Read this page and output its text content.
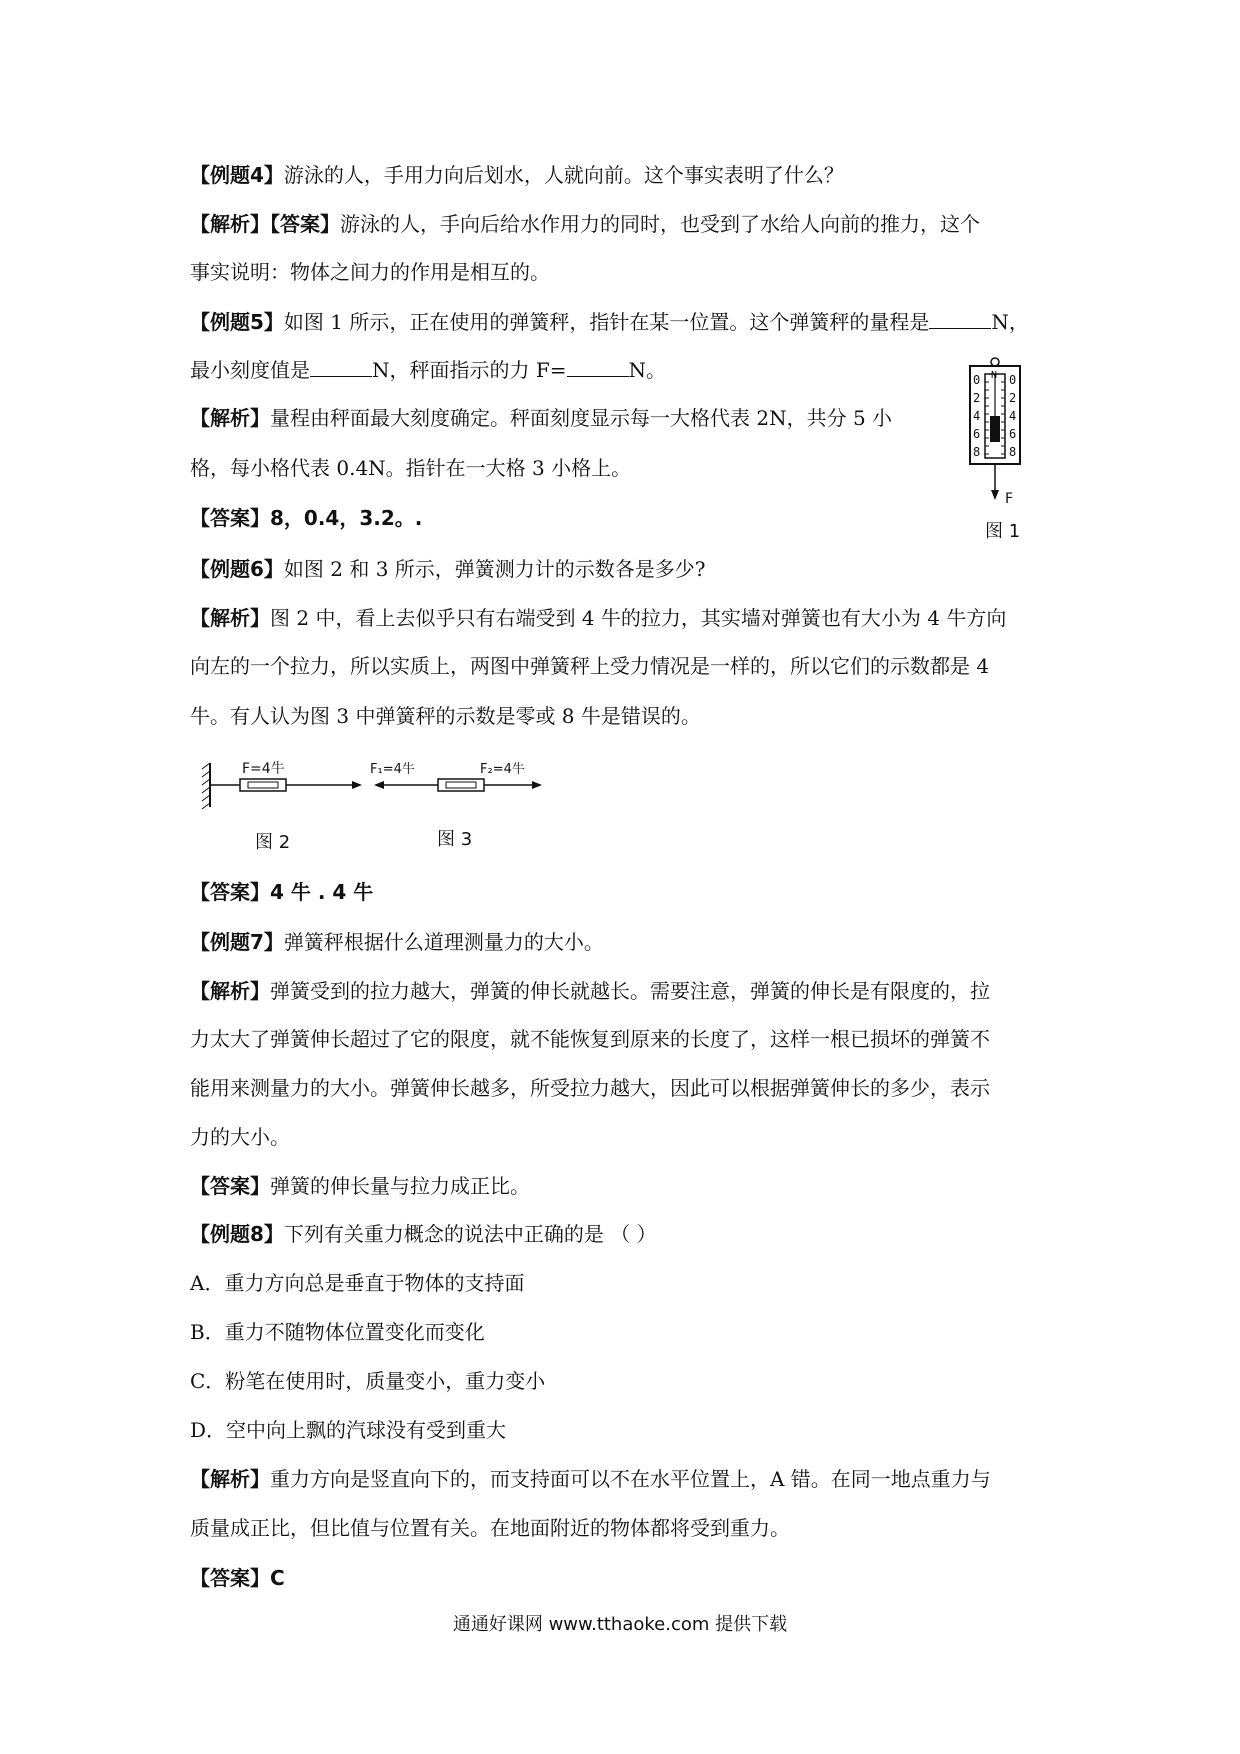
【例题4】游泳的人，手用力向后划水，人就向前。这个事实表明了什么？
【解析】【答案】游泳的人，手向后给水作用力的同时，也受到了水给人向前的推力，这个
事实说明：物体之间力的作用是相互的。
【例题5】如图 1 所示，正在使用的弹簧秤，指针在某一位置。这个弹簧秤的量程是	N，
最小刻度值是	N，秤面指示的力 F=	N。
【解析】量程由秤面最大刻度确定。秤面刻度显示每一大格代表 2N，共分 5 小
格，每小格代表 0.4N。指针在一大格 3 小格上。
【答案】8，0.4，3.2。.
0
2
4
6
8
0
2
4
6
8
N
F
图 1
【例题6】如图 2 和 3 所示，弹簧测力计的示数各是多少?
【解析】图 2 中，看上去似乎只有右端受到 4 牛的拉力，其实墙对弹簧也有大小为 4 牛方向
向左的一个拉力，所以实质上，两图中弹簧秤上受力情况是一样的，所以它们的示数都是 4
牛。有人认为图 3 中弹簧秤的示数是零或 8 牛是错误的。
F=4牛
图 2
F₁=4牛	F₂=4牛
图 3
【答案】4 牛 . 4 牛
【例题7】弹簧秤根据什么道理测量力的大小。
【解析】弹簧受到的拉力越大，弹簧的伸长就越长。需要注意，弹簧的伸长是有限度的，拉
力太大了弹簧伸长超过了它的限度，就不能恢复到原来的长度了，这样一根已损坏的弹簧不
能用来测量力的大小。弹簧伸长越多，所受拉力越大，因此可以根据弹簧伸长的多少，表示
力的大小。
【答案】弹簧的伸长量与拉力成正比。
【例题8】下列有关重力概念的说法中正确的是 （ ）
A．重力方向总是垂直于物体的支持面
B．重力不随物体位置变化而变化
C．粉笔在使用时，质量变小，重力变小
D．空中向上飘的汽球没有受到重大
【解析】重力方向是竖直向下的，而支持面可以不在水平位置上，A 错。在同一地点重力与
质量成正比，但比值与位置有关。在地面附近的物体都将受到重力。
【答案】C
通通好课网 www.tthaoke.com 提供下载
